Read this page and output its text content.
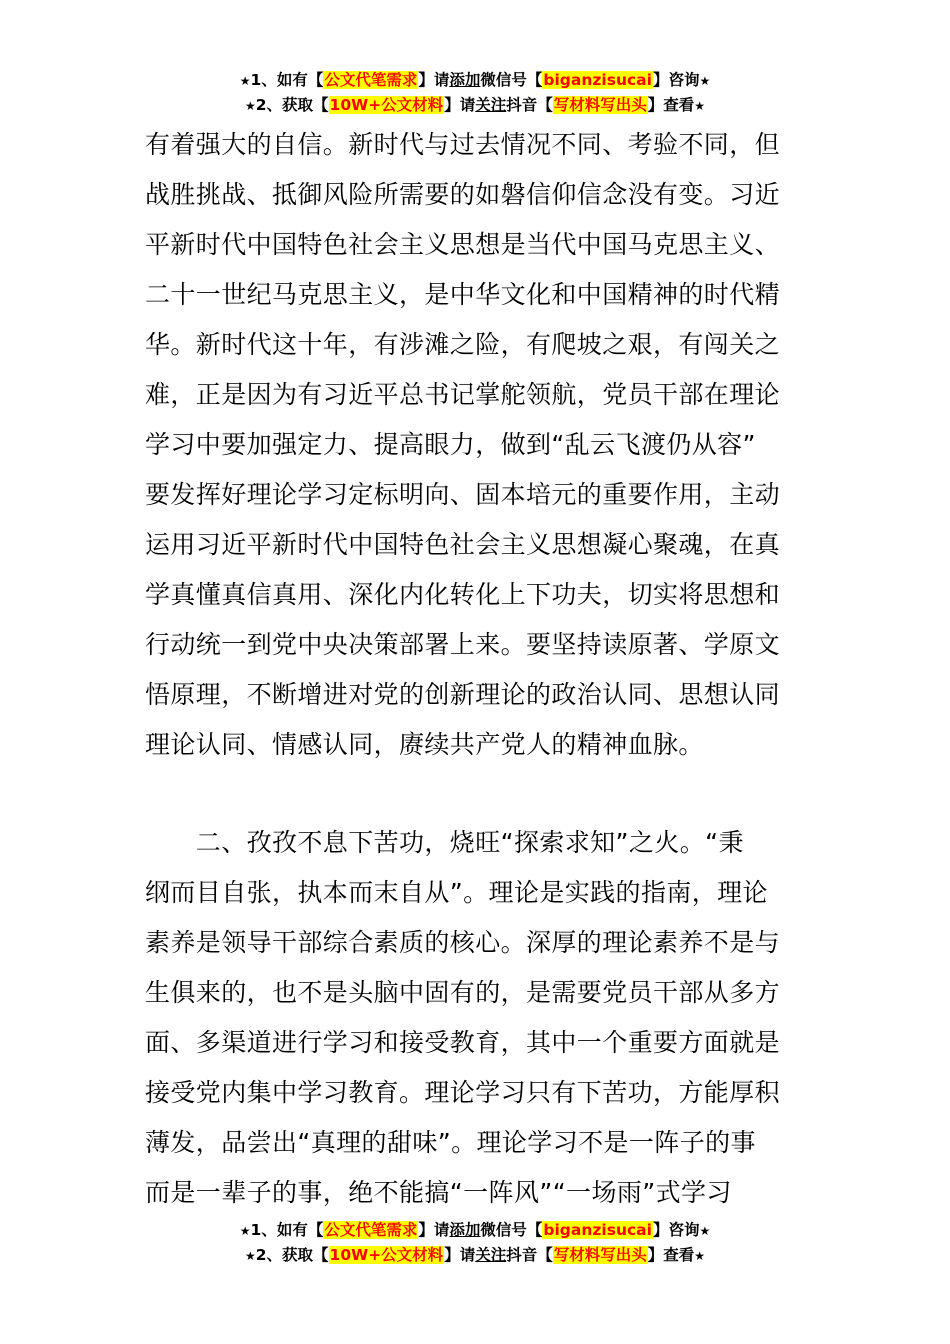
★1、如有【公文代笔需求】请添加微信号【biganzisucai】咨询★
★2、获取【10W+公文材料】请关注抖音【写材料写出头】查看★
有着强大的自信。新时代与过去情况不同、考验不同，但
战胜挑战、抵御风险所需要的如磐信仰信念没有变。习近
平新时代中国特色社会主义思想是当代中国马克思主义、
二十一世纪马克思主义，是中华文化和中国精神的时代精
华。新时代这十年，有涉滩之险，有爬坡之艰，有闯关之
难，正是因为有习近平总书记掌舵领航，党员干部在理论
学习中要加强定力、提高眼力，做到“乱云飞渡仍从容”
要发挥好理论学习定标明向、固本培元的重要作用，主动
运用习近平新时代中国特色社会主义思想凝心聚魂，在真
学真懂真信真用、深化内化转化上下功夫，切实将思想和
行动统一到党中央决策部署上来。要坚持读原著、学原文
悟原理，不断增进对党的创新理论的政治认同、思想认同
理论认同、情感认同，赓续共产党人的精神血脉。
　　二、孜孜不息下苦功，烧旺“探索求知”之火。“秉
纲而目自张，执本而末自从”。理论是实践的指南，理论
素养是领导干部综合素质的核心。深厚的理论素养不是与
生俱来的，也不是头脑中固有的，是需要党员干部从多方
面、多渠道进行学习和接受教育，其中一个重要方面就是
接受党内集中学习教育。理论学习只有下苦功，方能厚积
薄发，品尝出“真理的甜味”。理论学习不是一阵子的事
而是一辈子的事，绝不能搞“一阵风”“一场雨”式学习
★1、如有【公文代笔需求】请添加微信号【biganzisucai】咨询★
★2、获取【10W+公文材料】请关注抖音【写材料写出头】查看★
